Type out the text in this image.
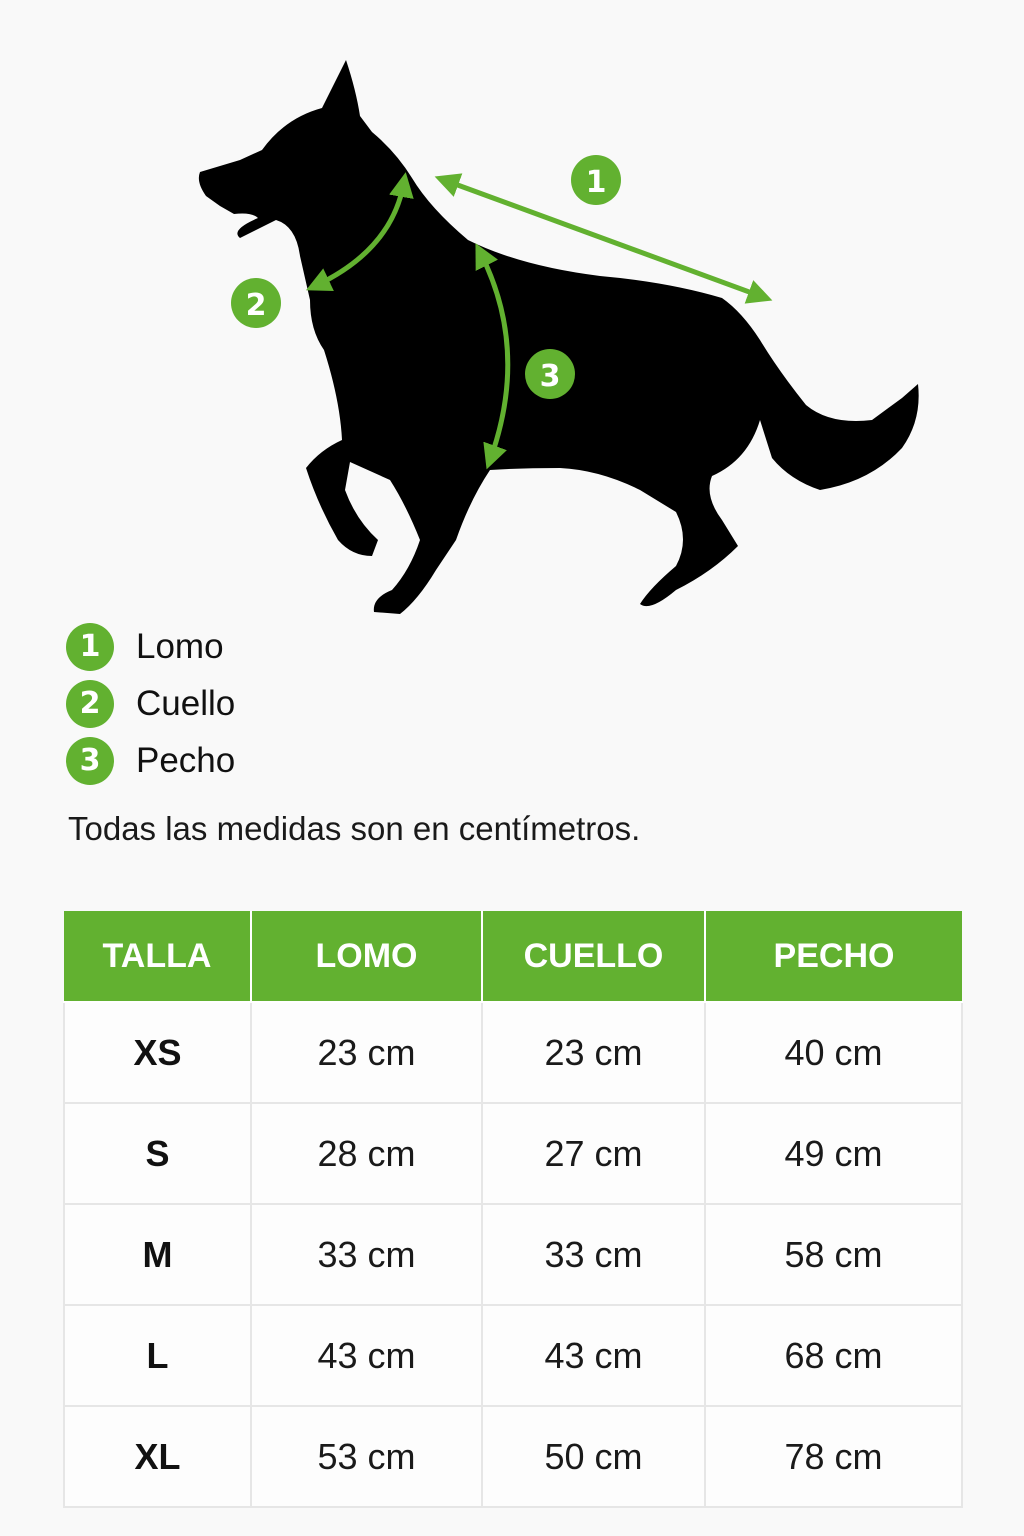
1
2
3
1	Lomo
2	Cuello
3	Pecho
Todas las medidas son en centímetros.
TALLA	LOMO	CUELLO	PECHO
XS	23 cm	23 cm	40 cm
S	28 cm	27 cm	49 cm
M	33 cm	33 cm	58 cm
L	43 cm	43 cm	68 cm
XL	53 cm	50 cm	78 cm
